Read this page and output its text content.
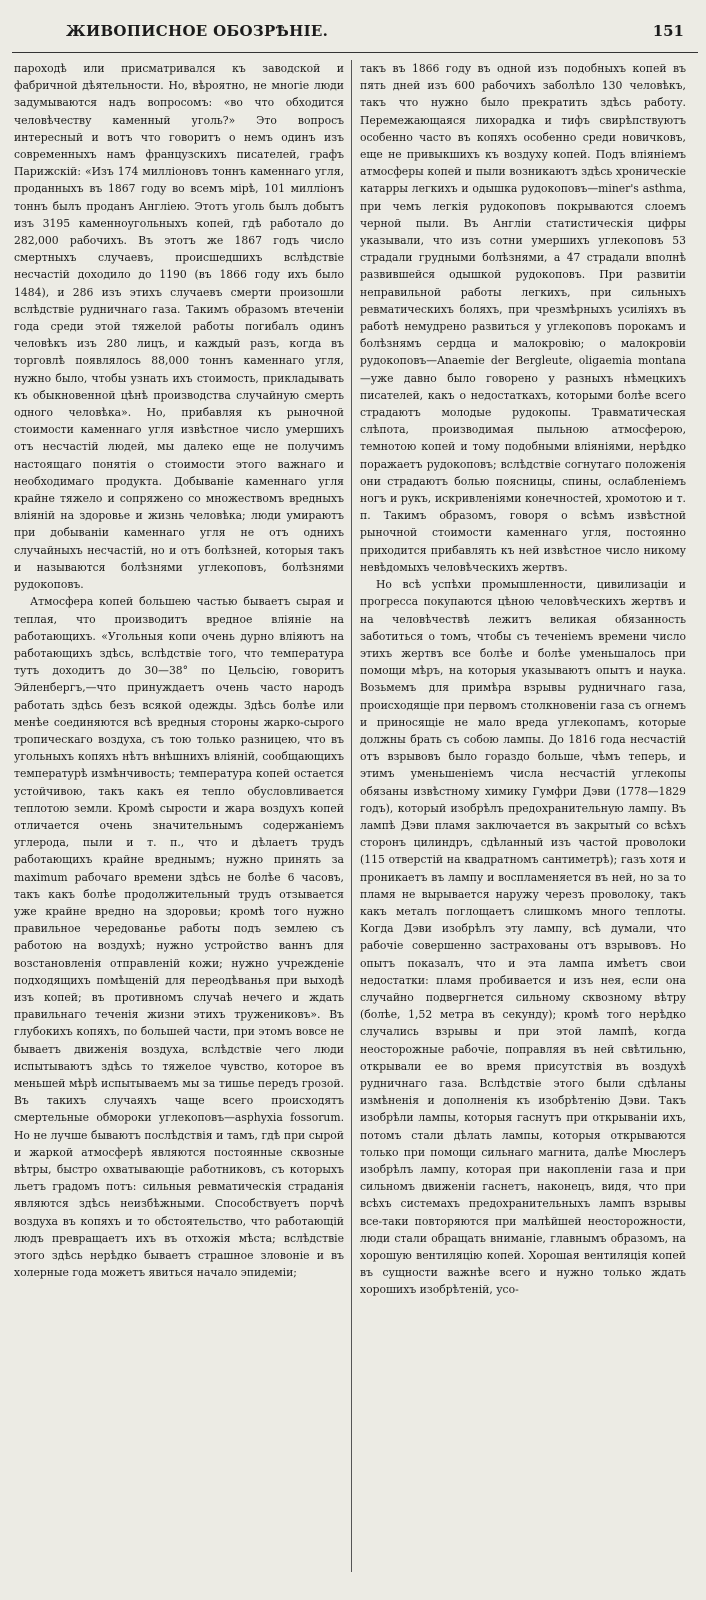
ЖИВОПИСНОЕ ОБОЗРѢНІЕ.	151

пароходѣ или присматривался къ заводской и фабричной дѣятельности. Но, вѣроятно, не многіе люди задумываются надъ вопросомъ: «во что обходится человѣчеству каменный уголь?» Это вопросъ интересный и вотъ что говоритъ о немъ одинъ изъ современныхъ намъ французскихъ писателей, графъ Парижскій: «Изъ 174 милліоновъ тоннъ каменнаго угля, проданныхъ въ 1867 году во всемъ мірѣ, 101 милліонъ тоннъ былъ проданъ Англіею. Этотъ уголь былъ добытъ изъ 3195 каменноугольныхъ копей, гдѣ работало до 282,000 рабочихъ. Въ этотъ же 1867 годъ число смертныхъ случаевъ, происшедшихъ вслѣдствіе несчастій доходило до 1190 (въ 1866 году ихъ было 1484), и 286 изъ этихъ случаевъ смерти произошли вслѣдствіе рудничнаго газа. Такимъ образомъ втеченіи года среди этой тяжелой работы погибалъ одинъ человѣкъ изъ 280 лицъ, и каждый разъ, когда въ торговлѣ появлялось 88,000 тоннъ каменнаго угля, нужно было, чтобы узнать ихъ стоимость, прикладывать къ обыкновенной цѣнѣ производства случайную смерть одного человѣка». Но, прибавляя къ рыночной стоимости каменнаго угля извѣстное число умершихъ отъ несчастій людей, мы далеко еще не получимъ настоящаго понятія о стоимости этого важнаго и необходимаго продукта. Добываніе каменнаго угля крайне тяжело и сопряжено со множествомъ вредныхъ вліяній на здоровье и жизнь человѣка; люди умираютъ при добываніи каменнаго угля не отъ однихъ случайныхъ несчастій, но и отъ болѣзней, которыя такъ и называются болѣзнями углекоповъ, болѣзнями рудокоповъ.

Атмосфера копей большею частью бываетъ сырая и теплая, что производитъ вредное вліяніе на работающихъ. «Угольныя копи очень дурно вліяютъ на работающихъ здѣсь, вслѣдствіе того, что температура тутъ доходитъ до 30—38° по Цельсію, говоритъ Эйленбергъ,—что принуждаетъ очень часто народъ работать здѣсь безъ всякой одежды. Здѣсь болѣе или менѣе соединяются всѣ вредныя стороны жарко-сырого тропическаго воздуха, съ тою только разницею, что въ угольныхъ копяхъ нѣтъ внѣшнихъ вліяній, сообщающихъ температурѣ измѣнчивость; температура копей остается устойчивою, такъ какъ ея тепло обусловливается теплотою земли. Кромѣ сырости и жара воздухъ копей отличается очень значительнымъ содержаніемъ углерода, пыли и т. п., что и дѣлаетъ трудъ работающихъ крайне вреднымъ; нужно принять за maximum рабочаго времени здѣсь не болѣе 6 часовъ, такъ какъ болѣе продолжительный трудъ отзывается уже крайне вредно на здоровьи; кромѣ того нужно правильное чередованье работы подъ землею съ работою на воздухѣ; нужно устройство ваннъ для возстановленія отправленій кожи; нужно учрежденіе подходящихъ помѣщеній для переодѣванья при выходѣ изъ копей; въ противномъ случаѣ нечего и ждать правильнаго теченія жизни этихъ тружениковъ». Въ глубокихъ копяхъ, по большей части, при этомъ вовсе не бываетъ движенія воздуха, вслѣдствіе чего люди испытываютъ здѣсь то тяжелое чувство, которое въ меньшей мѣрѣ испытываемъ мы за тишье передъ грозой. Въ такихъ случаяхъ чаще всего происходятъ смертельные обмороки углекоповъ—asphyxia fossorum. Но не лучше бываютъ послѣдствія и тамъ, гдѣ при сырой и жаркой атмосферѣ являются постоянные сквозные вѣтры, быстро охватывающіе работниковъ, съ которыхъ льетъ градомъ потъ: сильныя ревматическія страданія являются здѣсь неизбѣжными. Способствуетъ порчѣ воздуха въ копяхъ и то обстоятельство, что работающій людъ превращаетъ ихъ въ отхожія мѣста; вслѣдствіе этого здѣсь нерѣдко бываетъ страшное зловоніе и въ холерные года можетъ явиться начало эпидеміи;

такъ въ 1866 году въ одной изъ подобныхъ копей въ пять дней изъ 600 рабочихъ заболѣло 130 человѣкъ, такъ что нужно было прекратить здѣсь работу. Перемежающаяся лихорадка и тифъ свирѣпствуютъ особенно часто въ копяхъ особенно среди новичковъ, еще не привыкшихъ къ воздуху копей. Подъ вліяніемъ атмосферы копей и пыли возникаютъ здѣсь хроническіе катарры легкихъ и одышка рудокоповъ—miner's asthma, при чемъ легкія рудокоповъ покрываются слоемъ черной пыли. Въ Англіи статистическія цифры указывали, что изъ сотни умершихъ углекоповъ 53 страдали грудными болѣзнями, а 47 страдали вполнѣ развившейся одышкой рудокоповъ. При развитіи неправильной работы легкихъ, при сильныхъ ревматическихъ боляхъ, при чрезмѣрныхъ усиліяхъ въ работѣ немудрено развиться у углекоповъ порокамъ и болѣзнямъ сердца и малокровію; о малокровіи рудокоповъ—Anaemie der Bergleute, oligaemia montana—уже давно было говорено у разныхъ нѣмецкихъ писателей, какъ о недостаткахъ, которыми болѣе всего страдаютъ молодые рудокопы. Травматическая слѣпота, производимая пыльною атмосферою, темнотою копей и тому подобными вліяніями, нерѣдко поражаетъ рудокоповъ; вслѣдствіе согнутаго положенія они страдаютъ болью поясницы, спины, ослабленіемъ ногъ и рукъ, искривленіями конечностей, хромотою и т. п. Такимъ образомъ, говоря о всѣмъ извѣстной рыночной стоимости каменнаго угля, постоянно приходится прибавлять къ ней извѣстное число никому невѣдомыхъ человѣческихъ жертвъ.

Но всѣ успѣхи промышленности, цивилизаціи и прогресса покупаются цѣною человѣческихъ жертвъ и на человѣчествѣ лежитъ великая обязанность заботиться о томъ, чтобы съ теченіемъ времени число этихъ жертвъ все болѣе и болѣе уменьшалось при помощи мѣръ, на которыя указываютъ опытъ и наука. Возьмемъ для примѣра взрывы рудничнаго газа, происходящіе при первомъ столкновеніи газа съ огнемъ и приносящіе не мало вреда углекопамъ, которые должны брать съ собою лампы. До 1816 года несчастій отъ взрывовъ было гораздо больше, чѣмъ теперь, и этимъ уменьшеніемъ числа несчастій углекопы обязаны извѣстному химику Гумфри Дэви (1778—1829 годъ), который изобрѣлъ предохранительную лампу. Въ лампѣ Дэви пламя заключается въ закрытый со всѣхъ сторонъ цилиндръ, сдѣланный изъ частой проволоки (115 отверстій на квадратномъ сантиметрѣ); газъ хотя и проникаетъ въ лампу и воспламеняется въ ней, но за то пламя не вырывается наружу черезъ проволоку, такъ какъ металъ поглощаетъ слишкомъ много теплоты. Когда Дэви изобрѣлъ эту лампу, всѣ думали, что рабочіе совершенно застрахованы отъ взрывовъ. Но опытъ показалъ, что и эта лампа имѣетъ свои недостатки: пламя пробивается и изъ нея, если она случайно подвергнется сильному сквозному вѣтру (болѣе, 1,52 метра въ секунду); кромѣ того нерѣдко случались взрывы и при этой лампѣ, когда неосторожные рабочіе, поправляя въ ней свѣтильню, открывали ее во время присутствія въ воздухѣ рудничнаго газа. Вслѣдствіе этого были сдѣланы измѣненія и дополненія къ изобрѣтенію Дэви. Такъ изобрѣли лампы, которыя гаснутъ при открываніи ихъ, потомъ стали дѣлать лампы, которыя открываются только при помощи сильнаго магнита, далѣе Мюслеръ изобрѣлъ лампу, которая при накопленіи газа и при сильномъ движеніи гаснетъ, наконецъ, видя, что при всѣхъ системахъ предохранительныхъ лампъ взрывы все-таки повторяются при малѣйшей неосторожности, люди стали обращать вниманіе, главнымъ образомъ, на хорошую вентиляцію копей. Хорошая вентиляція копей въ сущности важнѣе всего и нужно только ждать хорошихъ изобрѣтеній, усо-
